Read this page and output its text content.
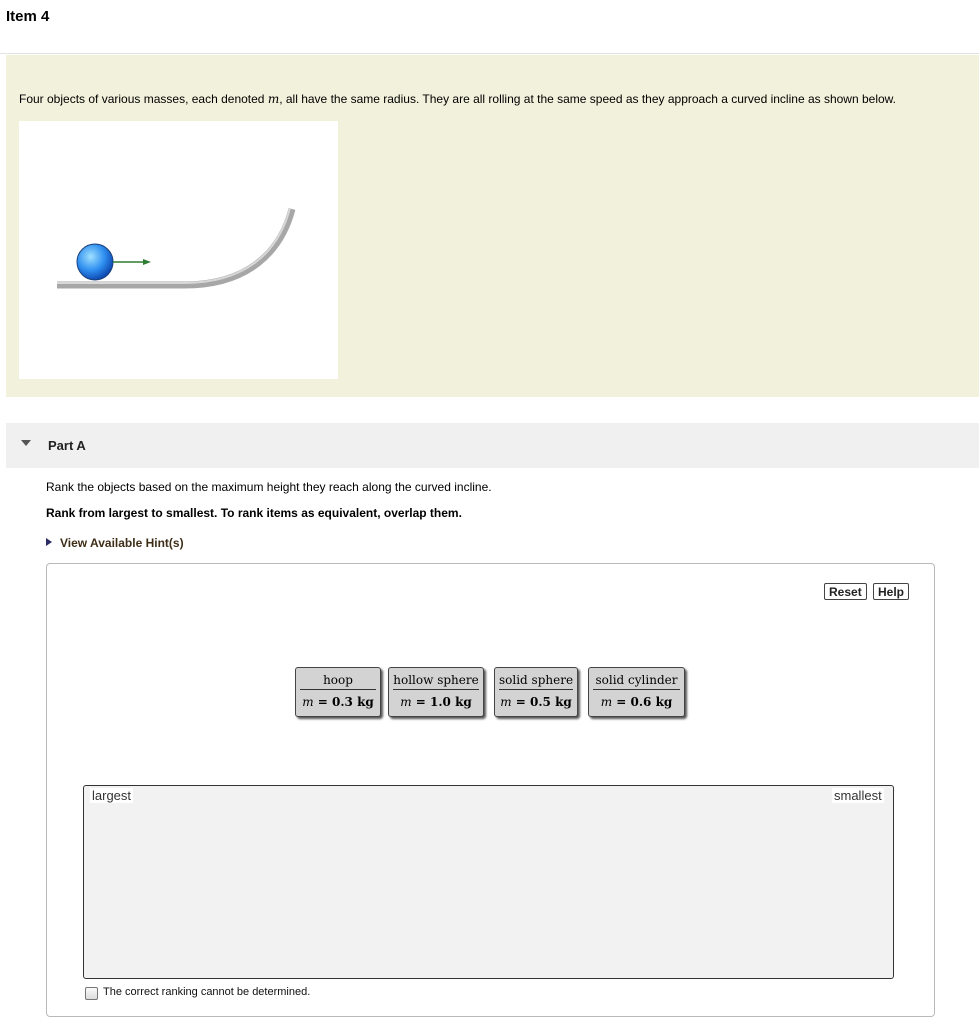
Item 4
Four objects of various masses, each denoted m, all have the same radius. They are all rolling at the same speed as they approach a curved incline as shown below.
Part A
Rank the objects based on the maximum height they reach along the curved incline.
Rank from largest to smallest. To rank items as equivalent, overlap them.
View Available Hint(s)
Reset	Help
hoop
m = 0.3 kg
hollow sphere
m = 1.0 kg
solid sphere
m = 0.5 kg
solid cylinder
m = 0.6 kg
largest	smallest
The correct ranking cannot be determined.
